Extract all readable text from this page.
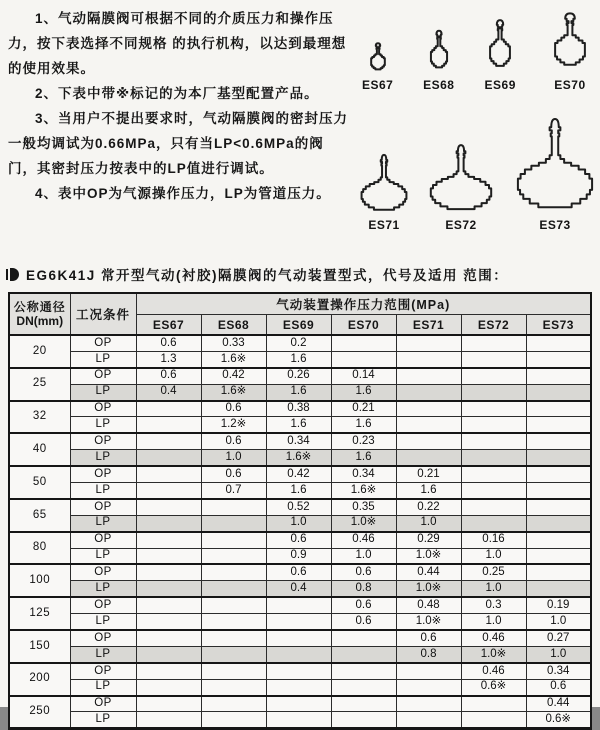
1、气动隔膜阀可根据不同的介质压力和操作压力，按下表选择不同规格 的执行机构，以达到最理想的使用效果。

2、下表中带※标记的为本厂基型配置产品。

3、当用户不提出要求时，气动隔膜阀的密封压力一般均调试为0.66MPa，只有当LP<0.6MPa的阀门，其密封压力按表中的LP值进行调试。

4、表中OP为气源操作压力，LP为管道压力。

ES67 ES68	ES69	ES70
ES71	ES72	ES73
EG6K41J 常开型气动(衬胶)隔膜阀的气动装置型式，代号及适用 范围：
公称通径
DN(mm)	工况条件	气动装置操作压力范围(MPa)						
		ES67	ES68	ES69	ES70	ES71	ES72	ES73
20	OP	0.6	0.33	0.2				
	LP	1.3	1.6※	1.6				
25	OP	0.6	0.42	0.26	0.14			
	LP	0.4	1.6※	1.6	1.6			
32	OP		0.6	0.38	0.21			
	LP		1.2※	1.6	1.6			
40	OP		0.6	0.34	0.23			
	LP		1.0	1.6※	1.6			
50	OP		0.6	0.42	0.34	0.21		
	LP		0.7	1.6	1.6※	1.6		
65	OP			0.52	0.35	0.22		
	LP			1.0	1.0※	1.0		
80	OP			0.6	0.46	0.29	0.16	
	LP			0.9	1.0	1.0※	1.0	
100	OP			0.6	0.6	0.44	0.25	
	LP			0.4	0.8	1.0※	1.0	
125	OP				0.6	0.48	0.3	0.19
	LP				0.6	1.0※	1.0	1.0
150	OP					0.6	0.46	0.27
	LP					0.8	1.0※	1.0
200	OP						0.46	0.34
	LP						0.6※	0.6
250	OP							0.44
	LP							0.6※
